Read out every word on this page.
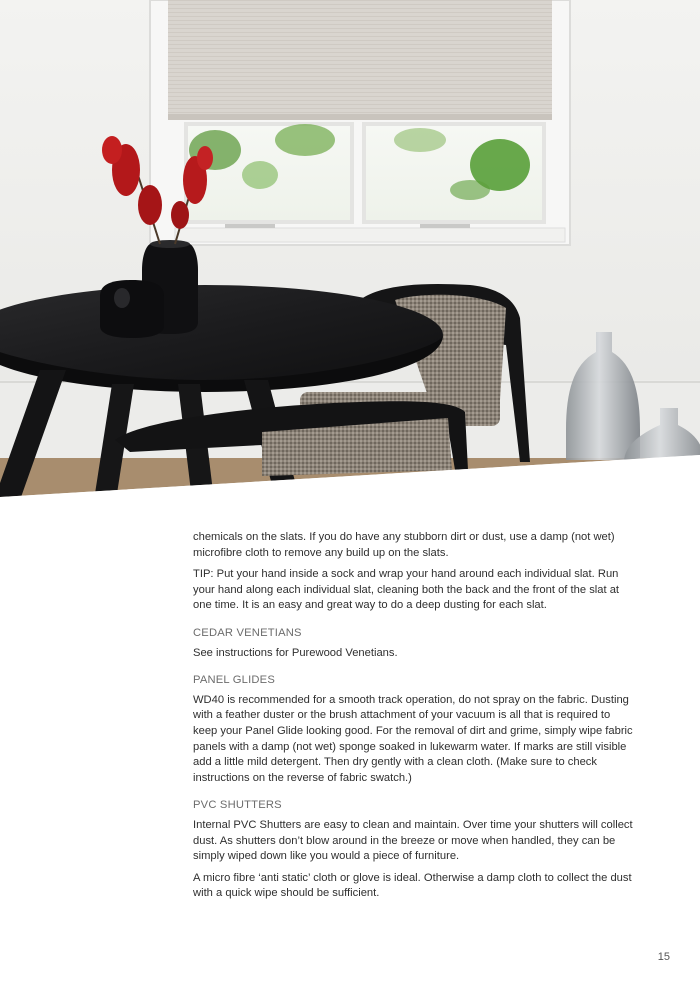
chemicals on the slats. If you do have any stubborn dirt or dust, use a damp (not wet) microfibre cloth to remove any build up on the slats.

TIP: Put your hand inside a sock and wrap your hand around each individual slat. Run your hand along each individual slat, cleaning both the back and the front of the slat at one time. It is an easy and great way to do a deep dusting for each slat.

CEDAR VENETIANS

See instructions for Purewood Venetians.

PANEL GLIDES

WD40 is recommended for a smooth track operation, do not spray on the fabric. Dusting with a feather duster or the brush attachment of your vacuum is all that is required to keep your Panel Glide looking good. For the removal of dirt and grime, simply wipe fabric panels with a damp (not wet) sponge soaked in lukewarm water. If marks are still visible add a little mild detergent. Then dry gently with a clean cloth. (Make sure to check instructions on the reverse of fabric swatch.)

PVC SHUTTERS

Internal PVC Shutters are easy to clean and maintain. Over time your shutters will collect dust. As shutters don’t blow around in the breeze or move when handled, they can be simply wiped down like you would a piece of furniture.

A micro fibre ‘anti static’ cloth or glove is ideal. Otherwise a damp cloth to collect the dust with a quick wipe should be sufficient.

15
